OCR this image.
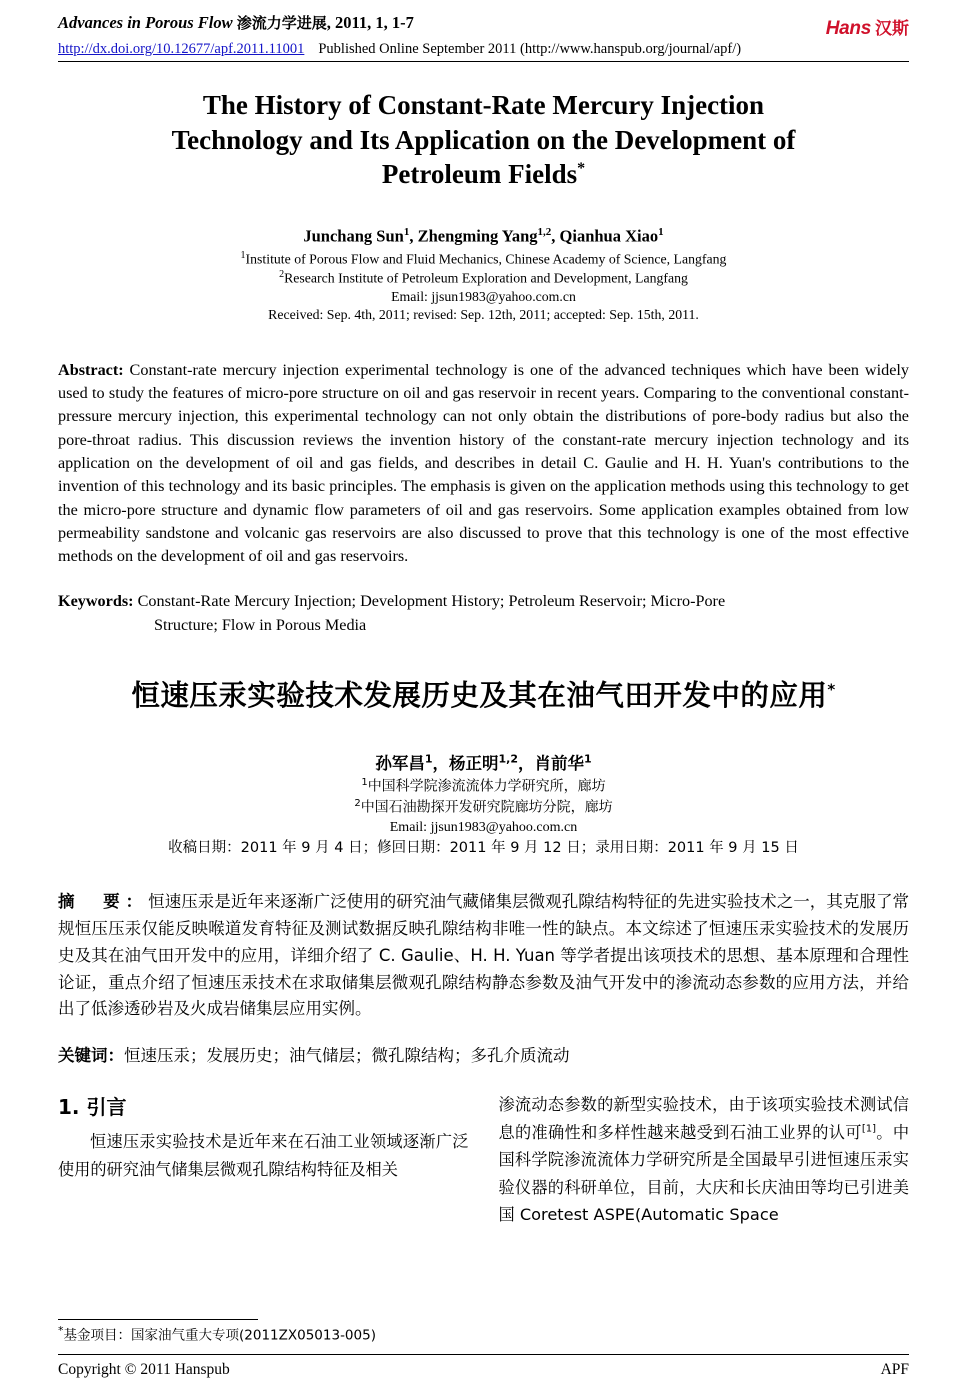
Advances in Porous Flow 渗流力学进展, 2011, 1, 1-7	Hans 汉斯
http://dx.doi.org/10.12677/apf.2011.11001 Published Online September 2011 (http://www.hanspub.org/journal/apf/)
The History of Constant-Rate Mercury Injection
Technology and Its Application on the Development of
Petroleum Fields*
Junchang Sun$^1$, Zhengming Yang$^{1,2}$, Qianhua Xiao$^1$
$^1$Institute of Porous Flow and Fluid Mechanics, Chinese Academy of Science, Langfang
$^2$Research Institute of Petroleum Exploration and Development, Langfang
Email: jjsun1983@yahoo.com.cn
Received: Sep. 4th, 2011; revised: Sep. 12th, 2011; accepted: Sep. 15th, 2011.
Abstract: Constant-rate mercury injection experimental technology is one of the advanced techniques which have been widely used to study the features of micro-pore structure on oil and gas reservoir in recent years. Comparing to the conventional constant-pressure mercury injection, this experimental technology can not only obtain the distributions of pore-body radius but also the pore-throat radius. This discussion reviews the invention history of the constant-rate mercury injection technology and its application on the development of oil and gas fields, and describes in detail C. Gaulie and H. H. Yuan's contributions to the invention of this technology and its basic principles. The emphasis is given on the application methods using this technology to get the micro-pore structure and dynamic flow parameters of oil and gas reservoirs. Some application examples obtained from low permeability sandstone and volcanic gas reservoirs are also discussed to prove that this technology is one of the most effective methods on the development of oil and gas reservoirs.
Keywords: Constant-Rate Mercury Injection; Development History; Petroleum Reservoir; Micro-Pore
Structure; Flow in Porous Media
恒速压汞实验技术发展历史及其在油气田开发中的应用*
孙军昌$^1$，杨正明$^{1,2}$，肖前华$^1$
$^1$中国科学院渗流流体力学研究所，廊坊
$^2$中国石油勘探开发研究院廊坊分院，廊坊
Email: jjsun1983@yahoo.com.cn
收稿日期：2011 年 9 月 4 日；修回日期：2011 年 9 月 12 日；录用日期：2011 年 9 月 15 日
摘　要：恒速压汞是近年来逐渐广泛使用的研究油气藏储集层微观孔隙结构特征的先进实验技术之一，其克服了常规恒压压汞仅能反映喉道发育特征及测试数据反映孔隙结构非唯一性的缺点。本文综述了恒速压汞实验技术的发展历史及其在油气田开发中的应用，详细介绍了 C. Gaulie、H. H. Yuan 等学者提出该项技术的思想、基本原理和合理性论证，重点介绍了恒速压汞技术在求取储集层微观孔隙结构静态参数及油气开发中的渗流动态参数的应用方法，并给出了低渗透砂岩及火成岩储集层应用实例。
关键词：恒速压汞；发展历史；油气储层；微孔隙结构；多孔介质流动
1. 引言
恒速压汞实验技术是近年来在石油工业领域逐渐广泛使用的研究油气储集层微观孔隙结构特征及相关
渗流动态参数的新型实验技术，由于该项实验技术测试信息的准确性和多样性越来越受到石油工业界的认可[1]。中国科学院渗流流体力学研究所是全国最早引进恒速压汞实验仪器的科研单位，目前，大庆和长庆油田等均已引进美国 Coretest ASPE(Automatic Space
*基金项目：国家油气重大专项(2011ZX05013-005)
Copyright © 2011 Hanspub	APF
